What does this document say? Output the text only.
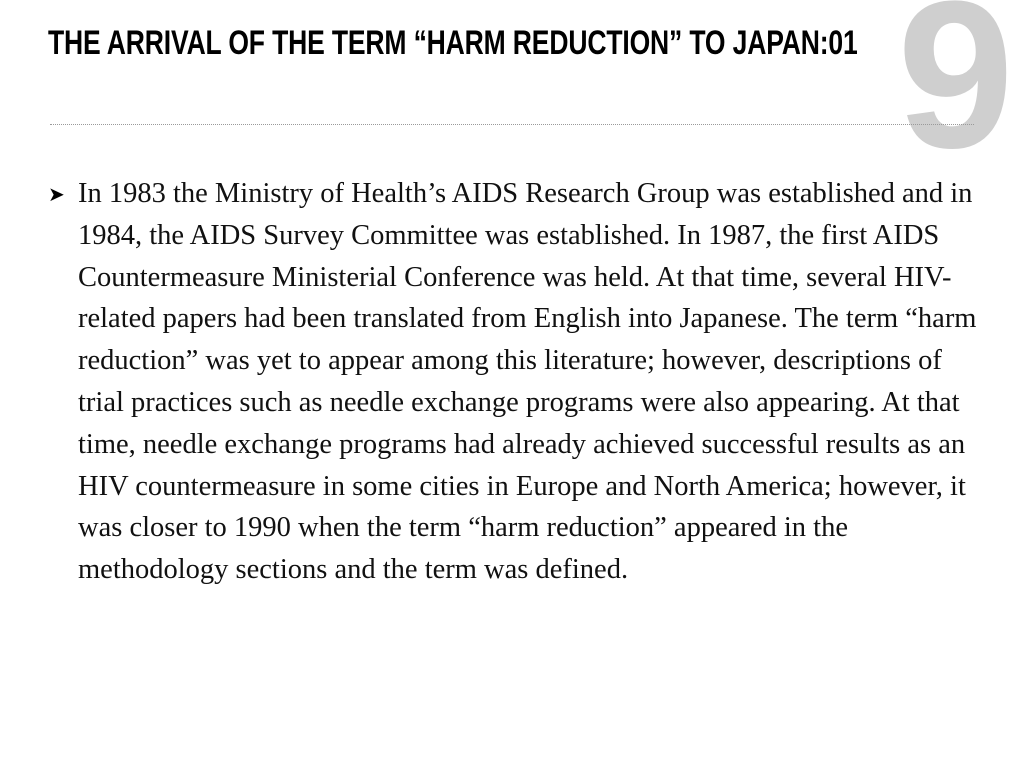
9
THE ARRIVAL OF THE TERM “HARM REDUCTION” TO JAPAN:01
➤ In 1983 the Ministry of Health’s AIDS Research Group was established and in 1984, the AIDS Survey Committee was established. In 1987, the first AIDS Countermeasure Ministerial Conference was held. At that time, several HIV-related papers had been translated from English into Japanese. The term “harm reduction” was yet to appear among this literature; however, descriptions of trial practices such as needle exchange programs were also appearing. At that time, needle exchange programs had already achieved successful results as an HIV countermeasure in some cities in Europe and North America; however, it was closer to 1990 when the term “harm reduction” appeared in the methodology sections and the term was defined.
